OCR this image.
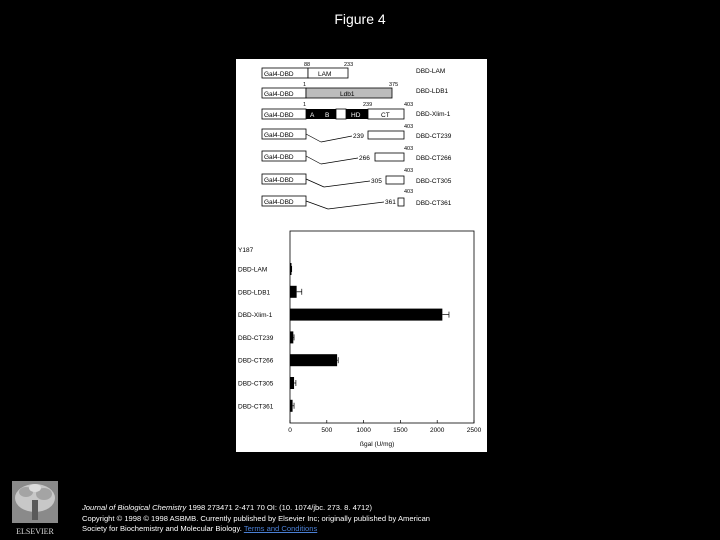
Figure 4
88	233
1	375
1	239	403
403
403
403
403
Gal4-DBD	LAM	DBD-LAM
Gal4-DBD	Ldb1	DBD-LDB1
Gal4-DBD	A B	HD	CT	DBD-Xlim-1
Gal4-DBD	239	DBD-CT239
Gal4-DBD	266	DBD-CT266
Gal4-DBD	305	DBD-CT305
Gal4-DBD	361	DBD-CT361
Y187
DBD-LAM
DBD-LDB1
DBD-Xlim-1
DBD-CT239
DBD-CT266
DBD-CT305
DBD-CT361
0	500	1000	1500	2000	2500
ßgal (U/mg)
ELSEVIER
Journal of Biological Chemistry 1998 273471 2-471 70 OI: (10. 1074/jbc. 273. 8. 4712)
Copyright © 1998 © 1998 ASBMB. Currently published by Elsevier Inc; originally published by American
Society for Biochemistry and Molecular Biology. Terms and Conditions
